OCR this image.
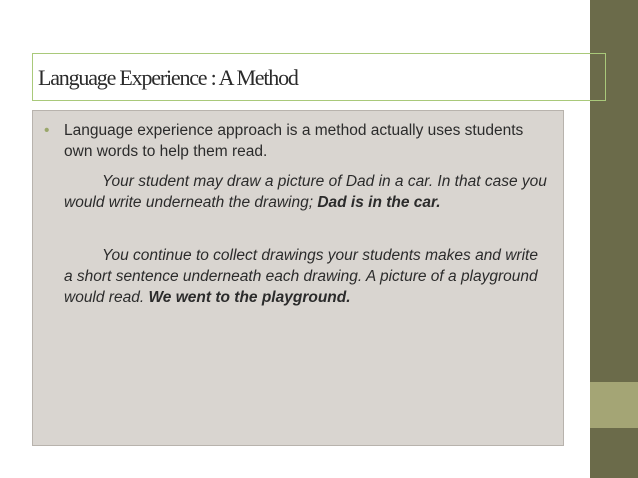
Language Experience : A Method
• Language experience approach is a method actually uses students own words to help them read.

Your student may draw a picture of Dad in a car. In that case you would write underneath the drawing; Dad is in the car.

You continue to collect drawings your students makes and write a short sentence underneath each drawing. A picture of a playground would read. We went to the playground.
